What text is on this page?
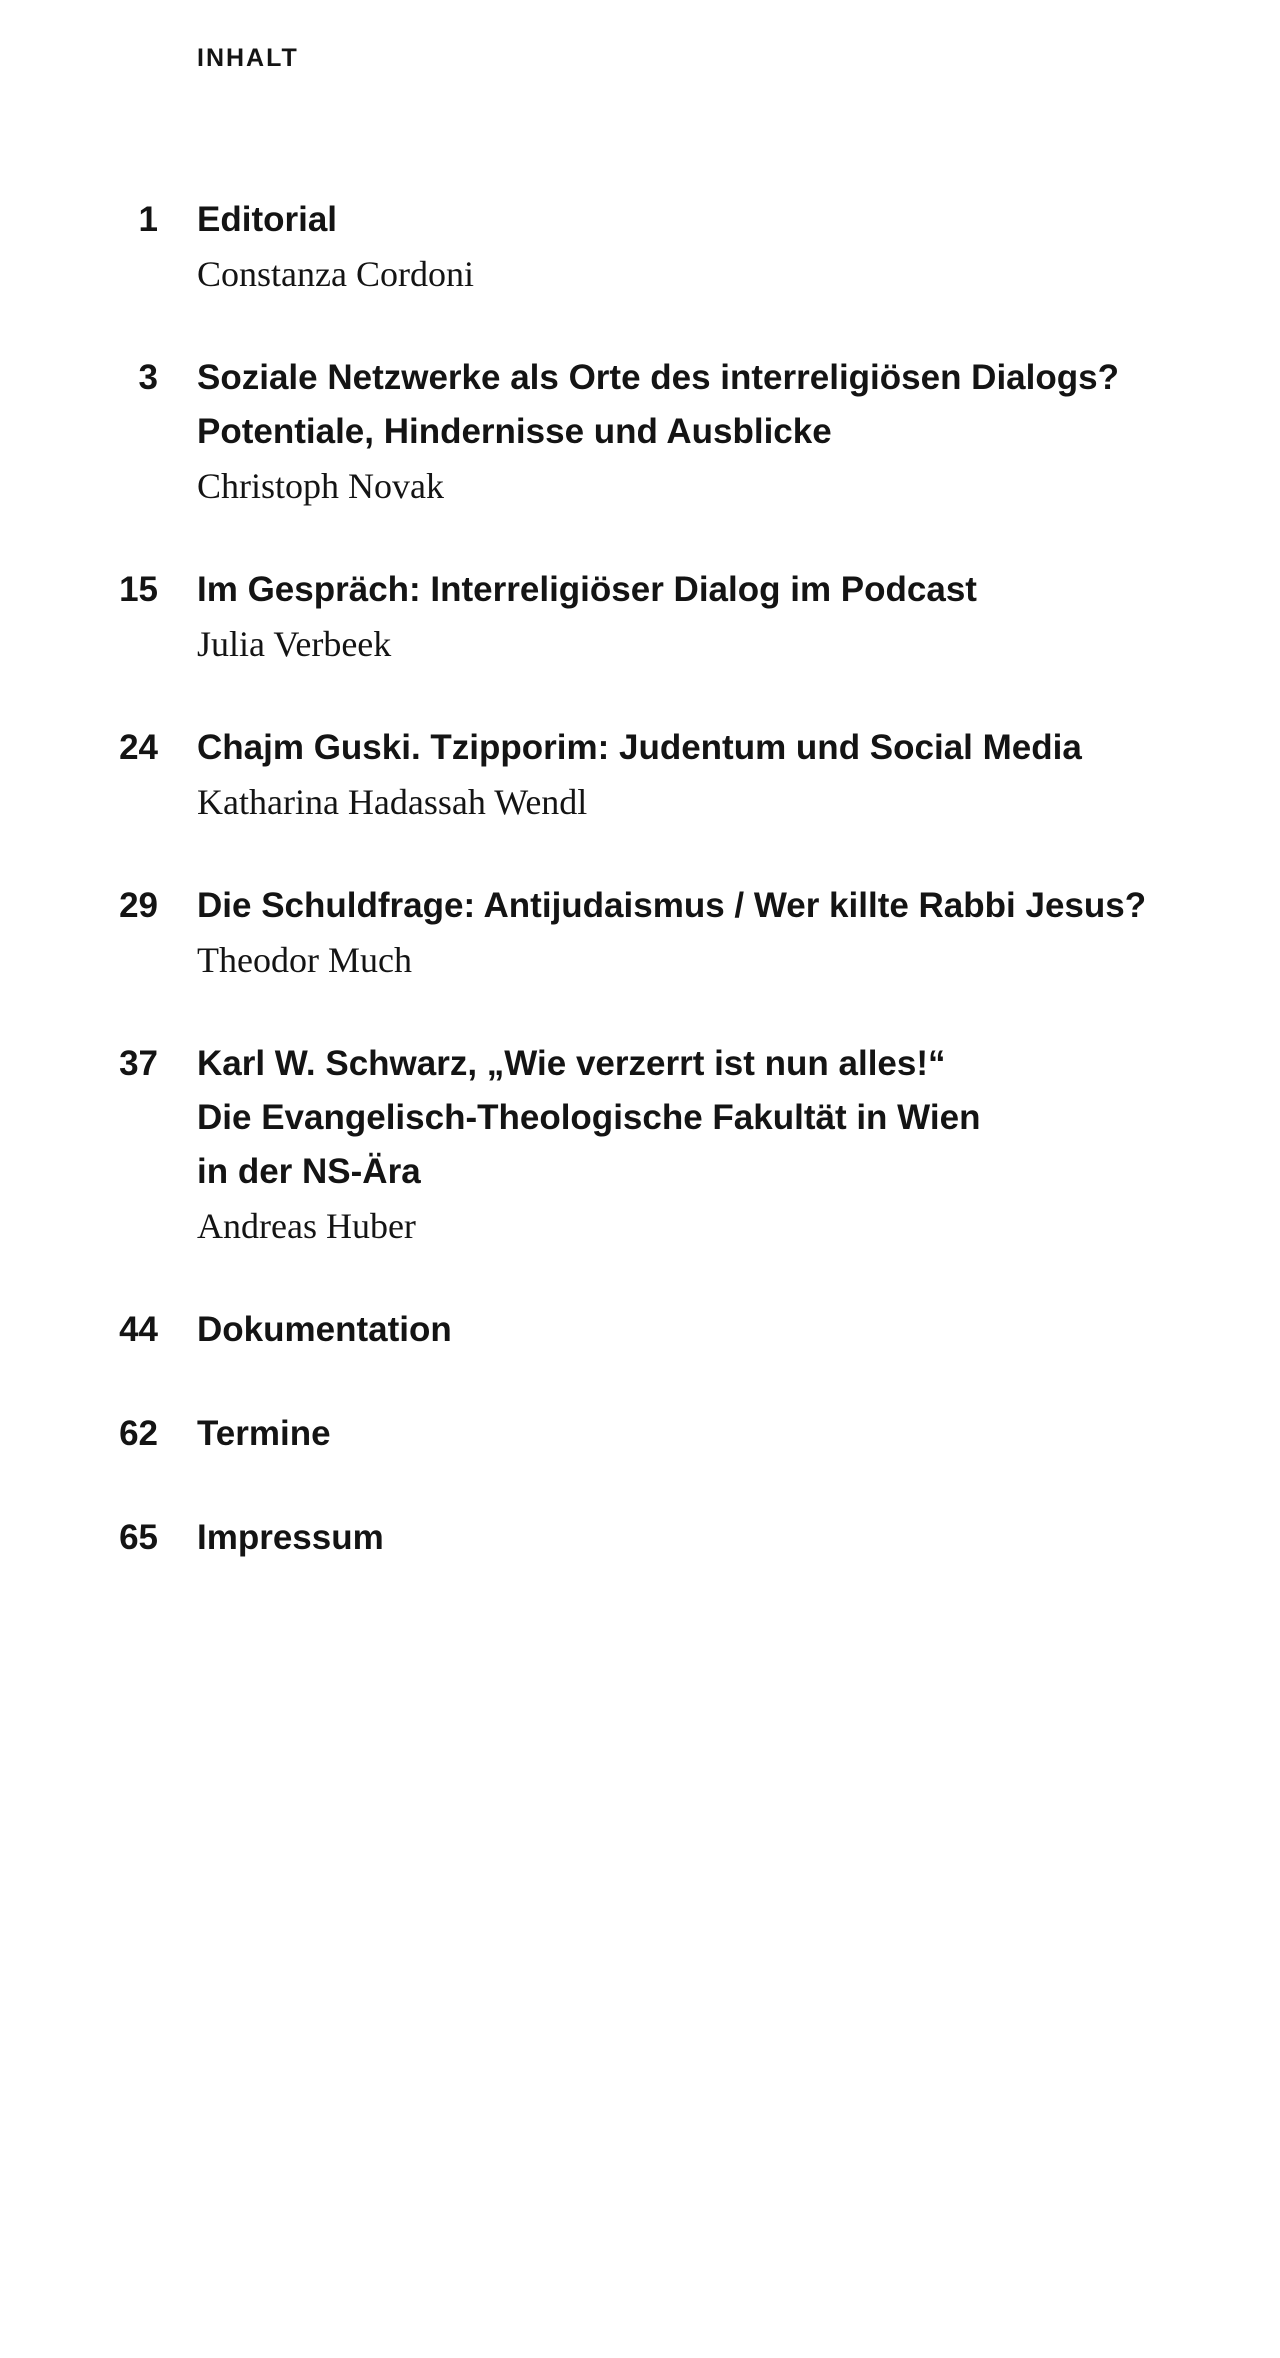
INHALT
1 Editorial
Constanza Cordoni
3 Soziale Netzwerke als Orte des interreligiösen Dialogs?
Potentiale, Hindernisse und Ausblicke
Christoph Novak
15 Im Gespräch: Interreligiöser Dialog im Podcast
Julia Verbeek
24 Chajm Guski. Tzipporim: Judentum und Social Media
Katharina Hadassah Wendl
29 Die Schuldfrage: Antijudaismus / Wer killte Rabbi Jesus?
Theodor Much
37 Karl W. Schwarz, „Wie verzerrt ist nun alles!“
Die Evangelisch-Theologische Fakultät in Wien
in der NS-Ära
Andreas Huber
44 Dokumentation
62 Termine
65 Impressum
